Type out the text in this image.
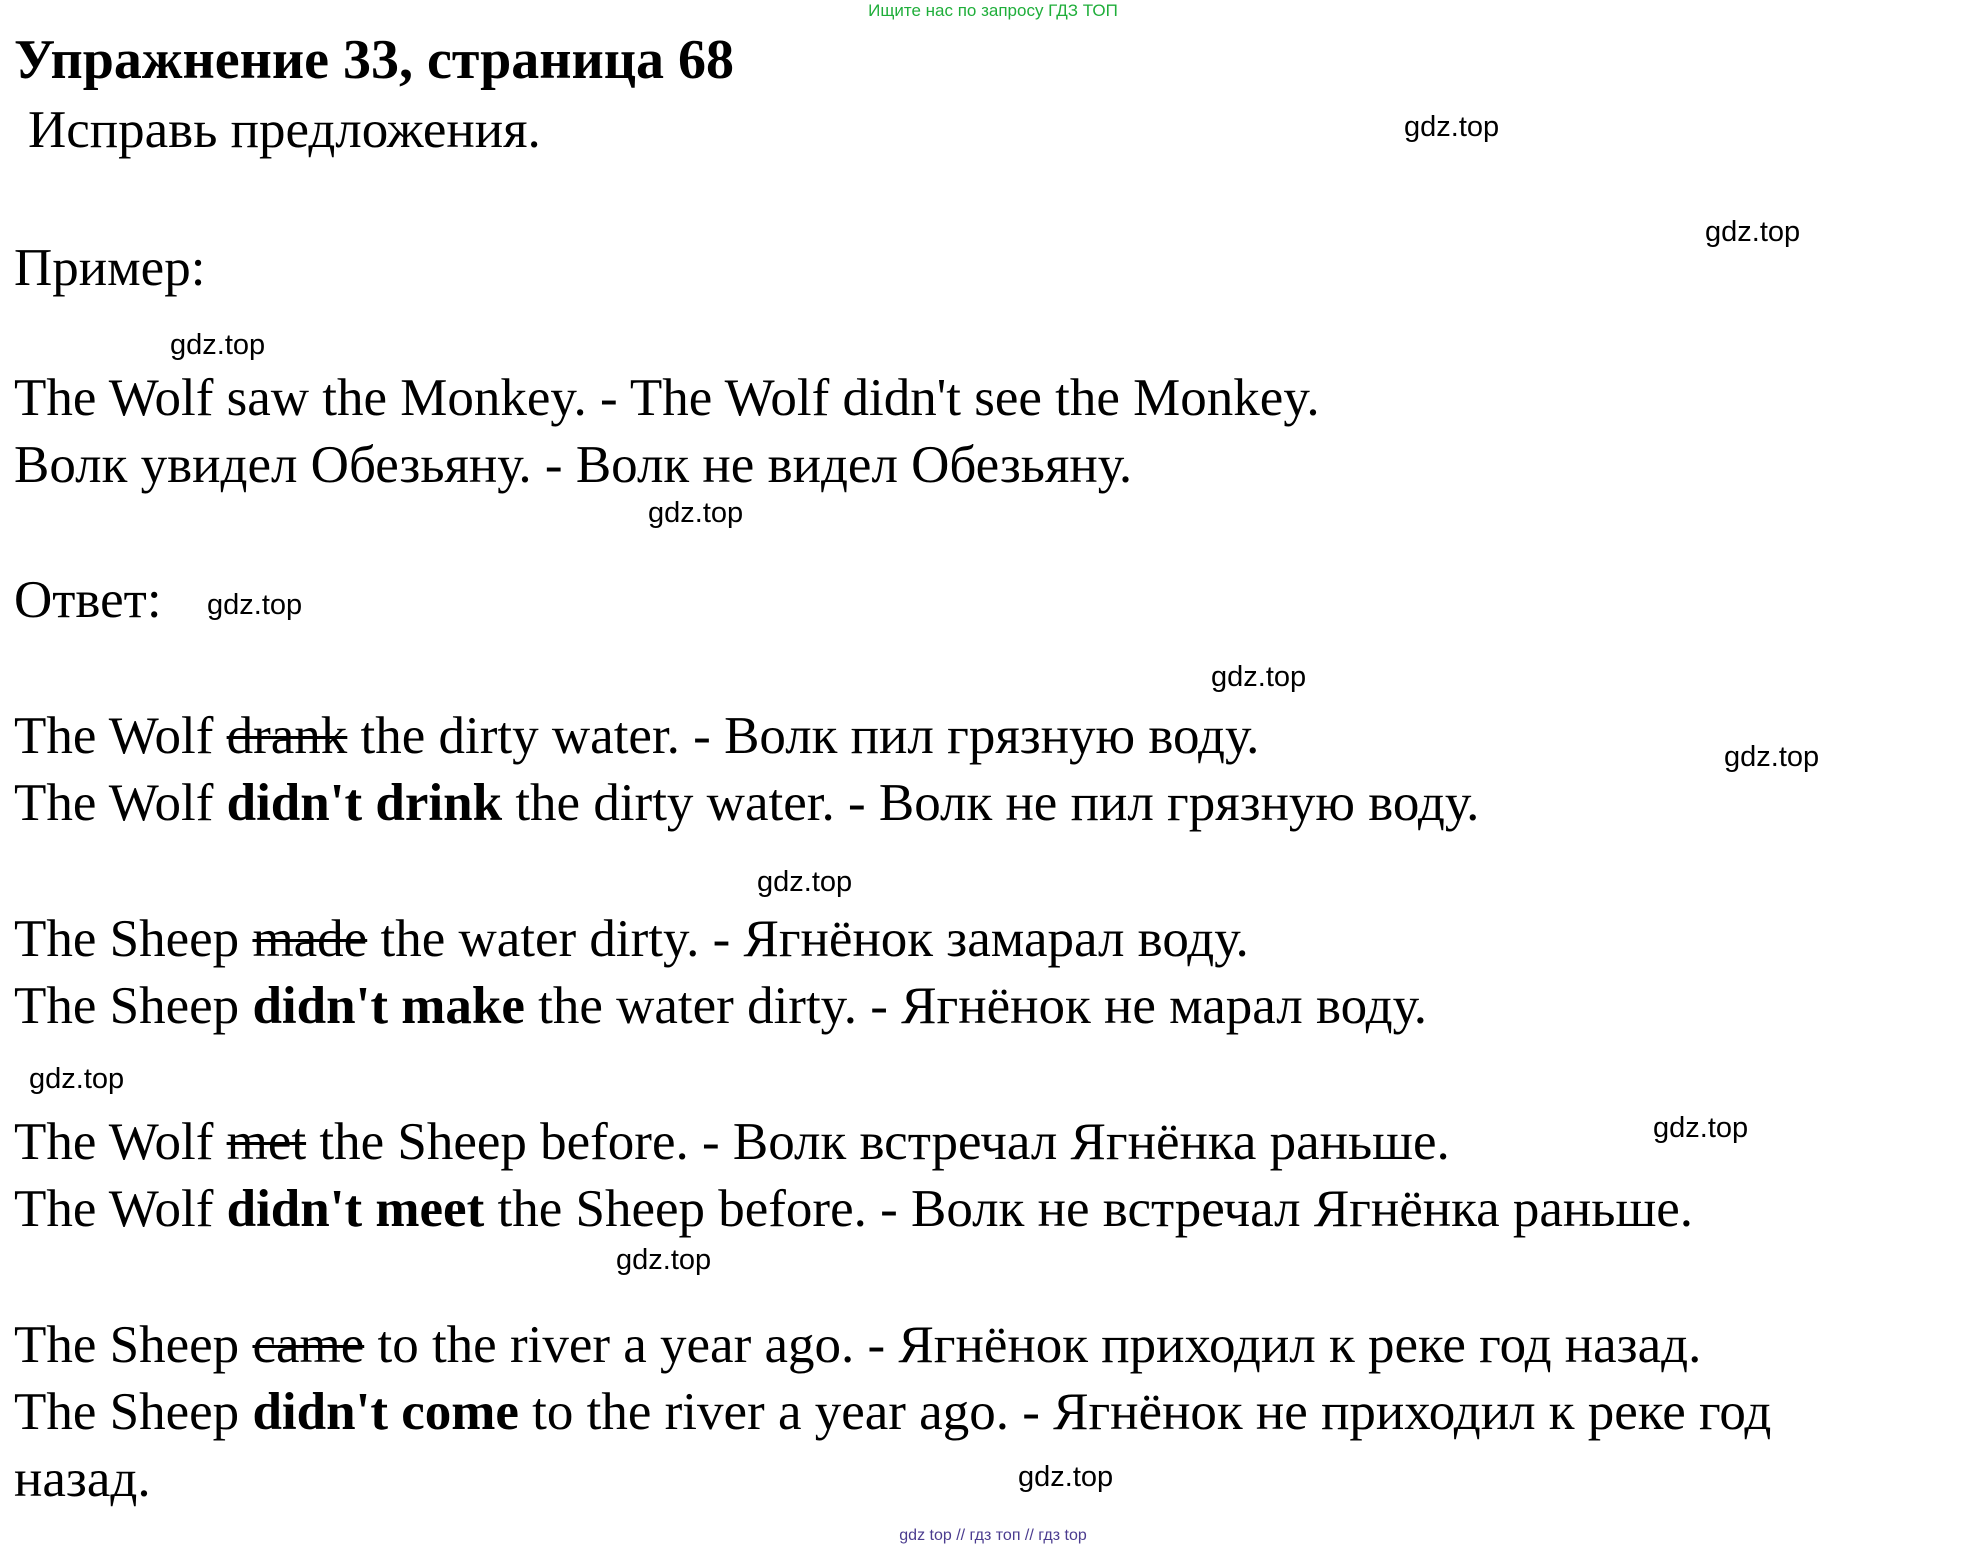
Ищите нас по запросу ГДЗ ТОП
Упражнение 33, страница 68
Исправь предложения.
Пример:
The Wolf saw the Monkey. - The Wolf didn't see the Monkey.
Волк увидел Обезьяну. - Волк не видел Обезьяну.
Ответ:
The Wolf drank the dirty water. - Волк пил грязную воду.
The Wolf didn't drink the dirty water. - Волк не пил грязную воду.
The Sheep made the water dirty. - Ягнёнок замарал воду.
The Sheep didn't make the water dirty. - Ягнёнок не марал воду.
The Wolf met the Sheep before. - Волк встречал Ягнёнка раньше.
The Wolf didn't meet the Sheep before. - Волк не встречал Ягнёнка раньше.
The Sheep came to the river a year ago. - Ягнёнок приходил к реке год назад.
The Sheep didn't come to the river a year ago. - Ягнёнок не приходил к реке год
назад.
gdz.top
gdz.top
gdz.top
gdz.top
gdz.top
gdz.top
gdz.top
gdz.top
gdz.top
gdz.top
gdz.top
gdz.top
gdz top // гдз топ // гдз top
